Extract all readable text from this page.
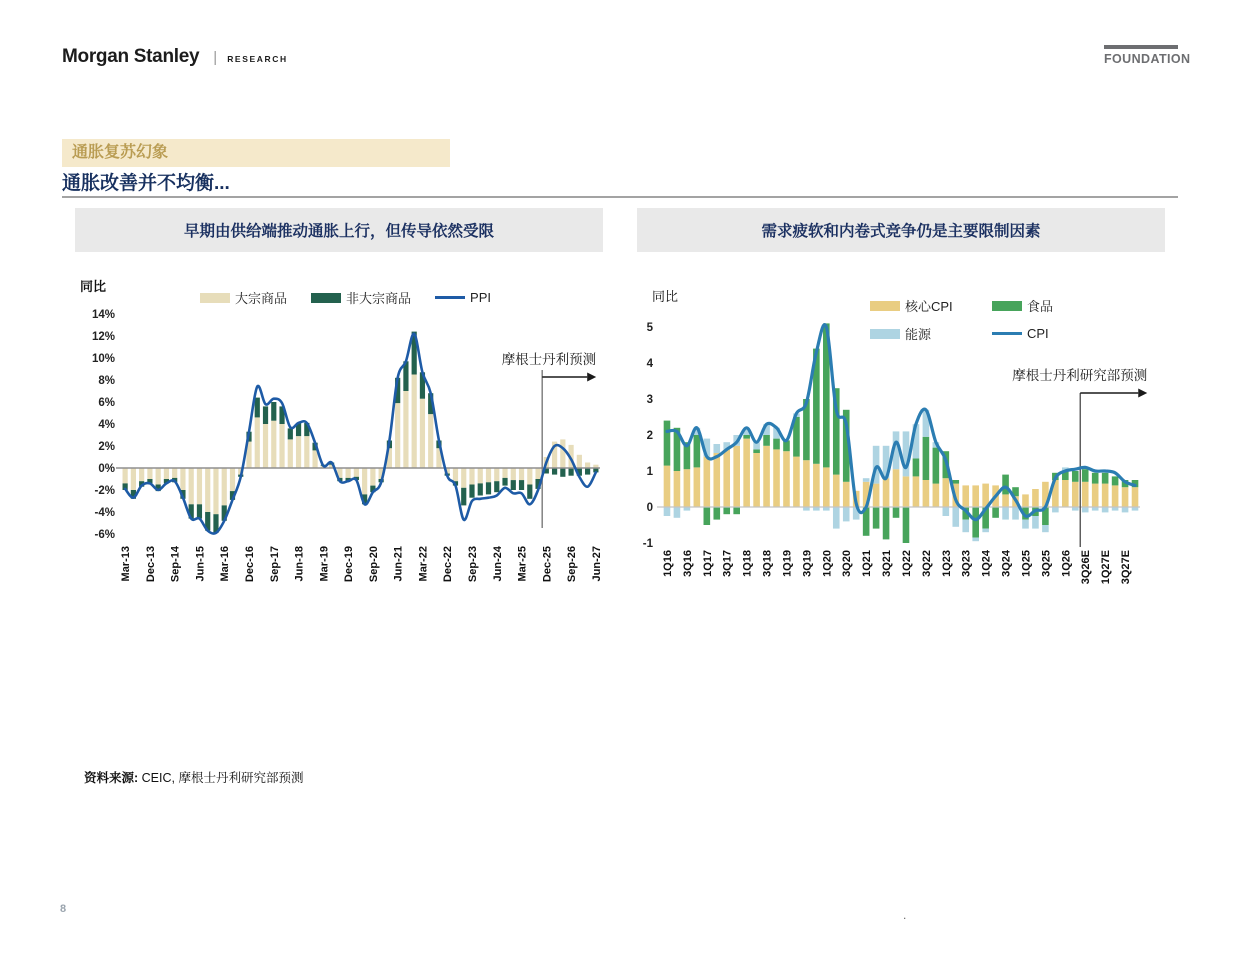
Morgan Stanley | RESEARCH	FOUNDATION
通胀复苏幻象
通胀改善并不均衡...
早期由供给端推动通胀上行，但传导依然受限	需求疲软和内卷式竞争仍是主要限制因素
同比
大宗商品	非大宗商品	PPI
14%
12%
10%
8%
6%
4%
2%
0%
-2%
-4%
-6%
Mar-13 Dec-13 Sep-14 Jun-15 Mar-16 Dec-16 Sep-17 Jun-18 Mar-19 Dec-19 Sep-20 Jun-21 Mar-22 Dec-22 Sep-23 Jun-24 Mar-25 Dec-25 Sep-26 Jun-27
摩根士丹利预测
同比
核心CPI	食品
能源	CPI
5
4
3
2
1
0
-1
1Q16 3Q16 1Q17 3Q17 1Q18 3Q18 1Q19 3Q19 1Q20 3Q20 1Q21 3Q21 1Q22 3Q22 1Q23 3Q23 1Q24 3Q24 1Q25 3Q25 1Q26 3Q26E 1Q27E 3Q27E
摩根士丹利研究部预测
资料来源: CEIC, 摩根士丹利研究部预测
8	.
